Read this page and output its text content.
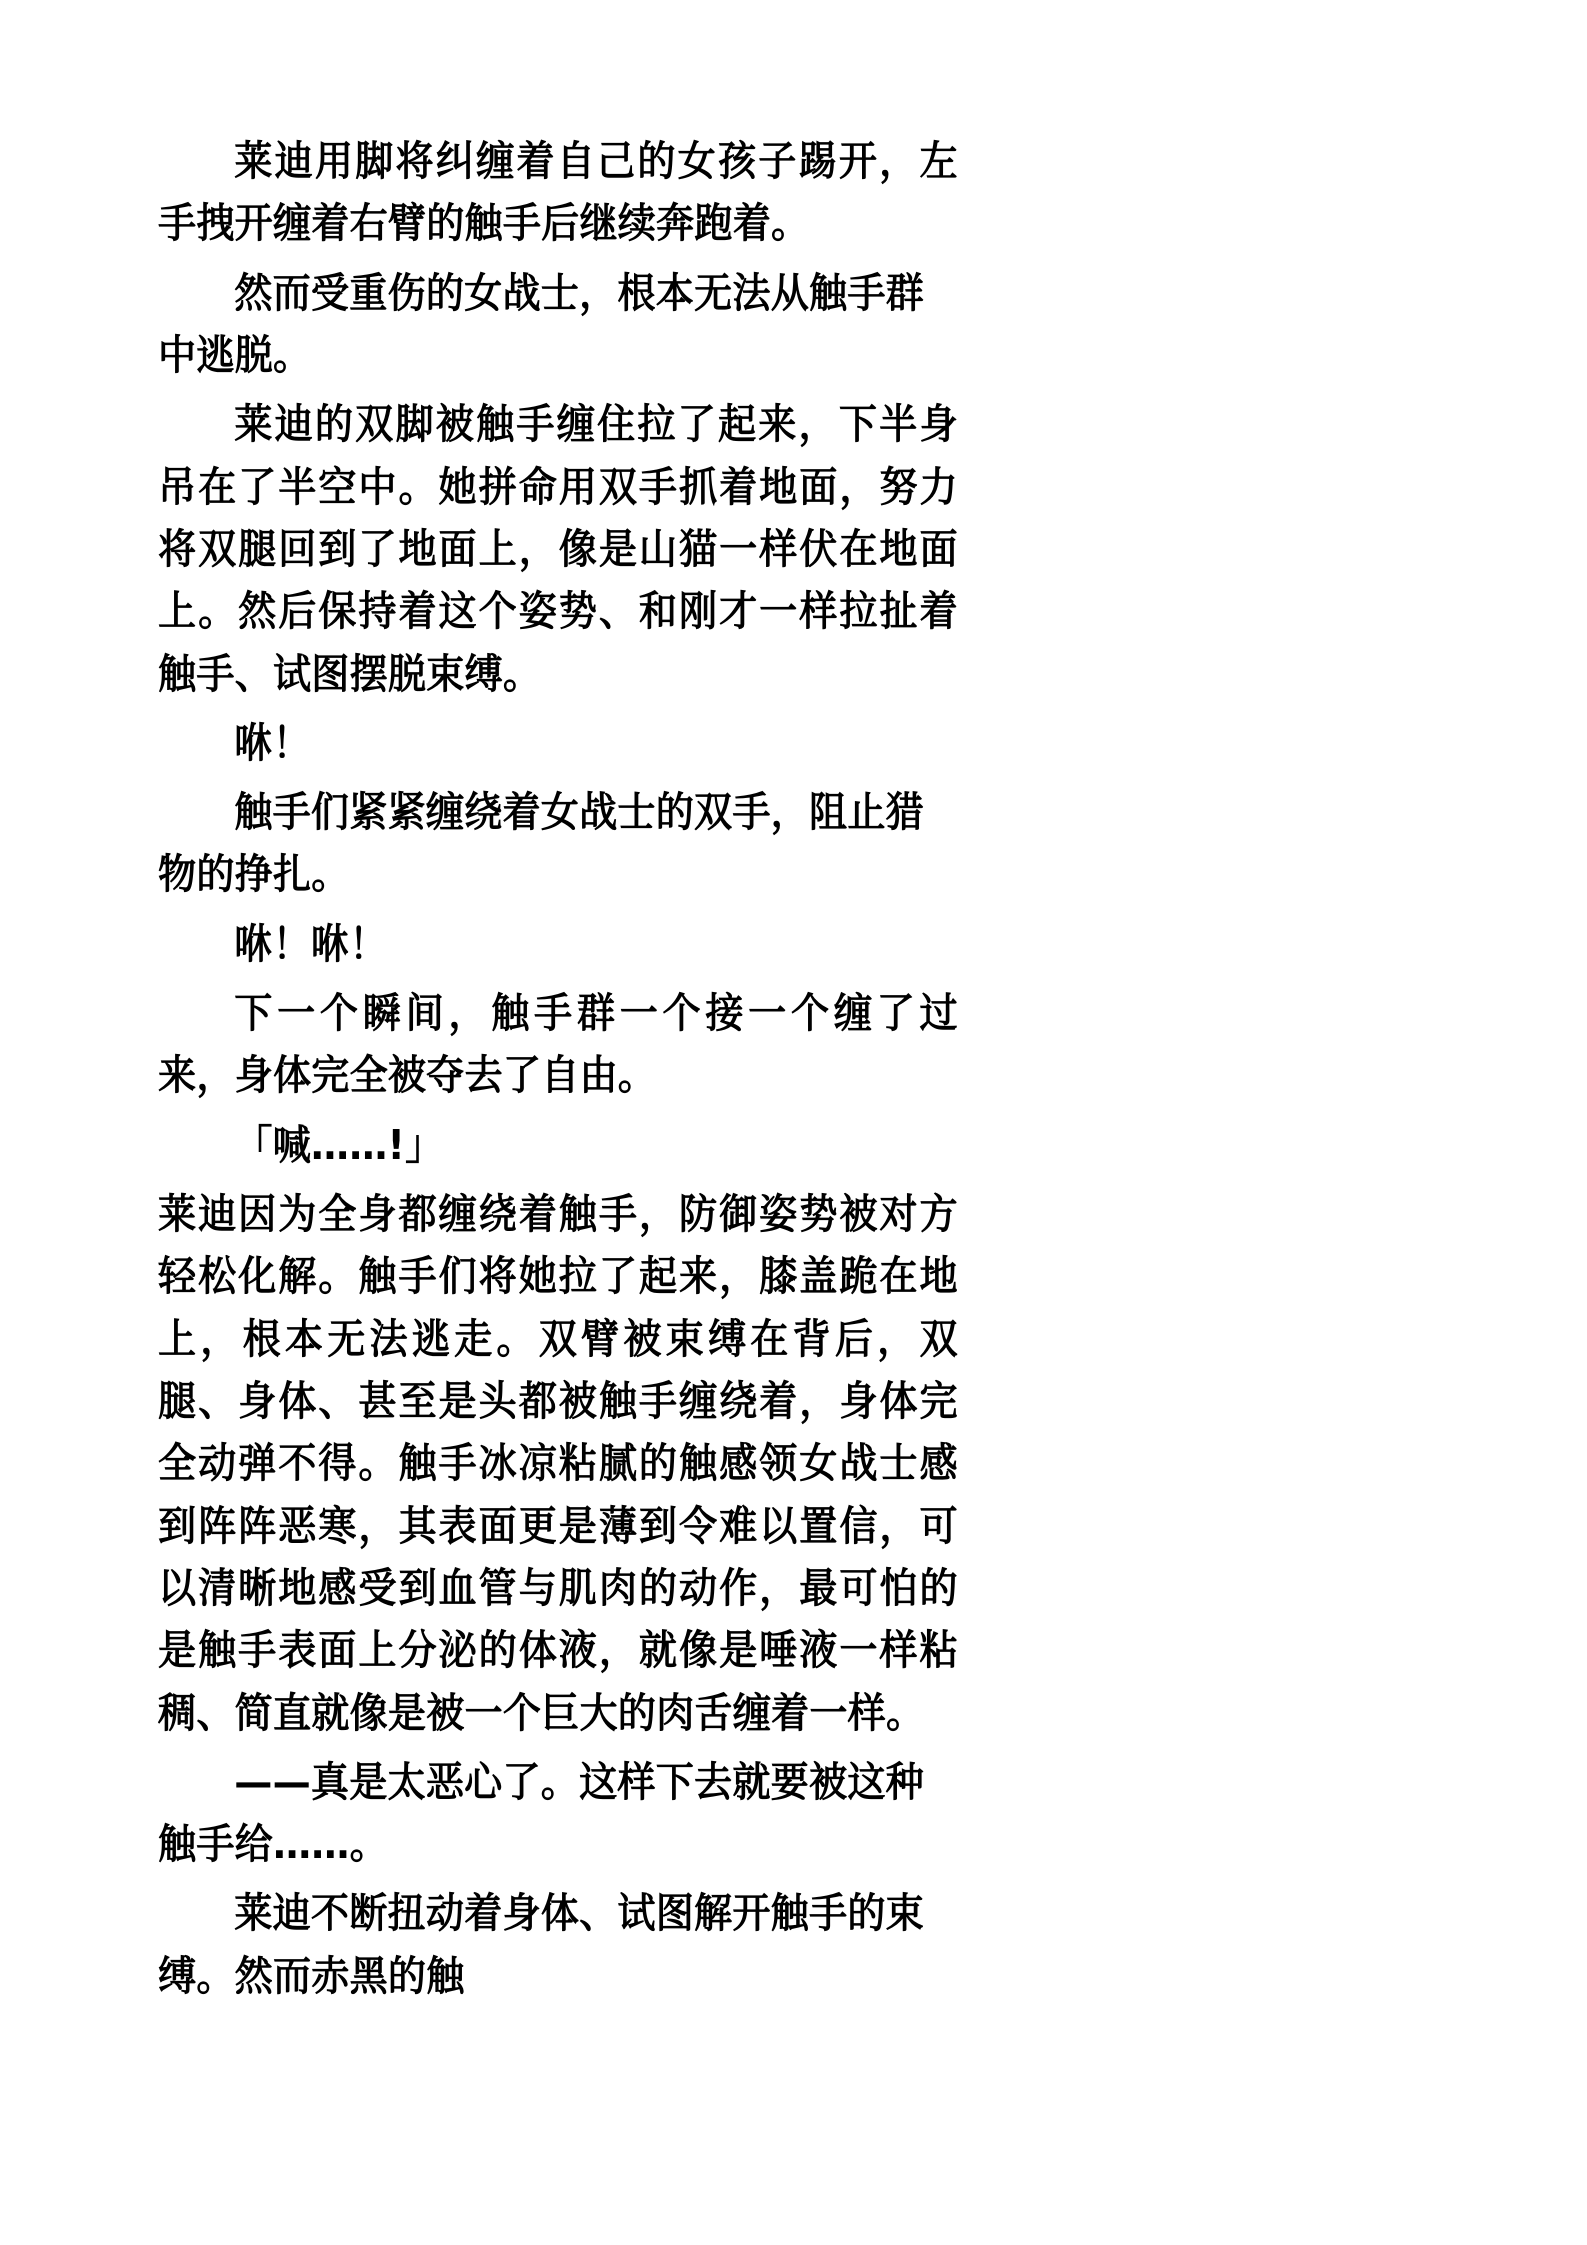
莱迪用脚将纠缠着自己的女孩子踢开，左手拽开缠着右臂的触手后继续奔跑着。

然而受重伤的女战士，根本无法从触手群中逃脱。

莱迪的双脚被触手缠住拉了起来，下半身吊在了半空中。她拼命用双手抓着地面，努力将双腿回到了地面上，像是山猫一样伏在地面上。然后保持着这个姿势、和刚才一样拉扯着触手、试图摆脱束缚。

咻！

触手们紧紧缠绕着女战士的双手，阻止猎物的挣扎。

咻！咻！

下一个瞬间，触手群一个接一个缠了过来，身体完全被夺去了自由。

「喊……!」

莱迪因为全身都缠绕着触手，防御姿势被对方轻松化解。触手们将她拉了起来，膝盖跪在地上，根本无法逃走。双臂被束缚在背后，双腿、身体、甚至是头都被触手缠绕着，身体完全动弹不得。触手冰凉粘腻的触感领女战士感到阵阵恶寒，其表面更是薄到令难以置信，可以清晰地感受到血管与肌肉的动作，最可怕的是触手表面上分泌的体液，就像是唾液一样粘稠、简直就像是被一个巨大的肉舌缠着一样。

——真是太恶心了。这样下去就要被这种触手给……。

莱迪不断扭动着身体、试图解开触手的束缚。然而赤黑的触
